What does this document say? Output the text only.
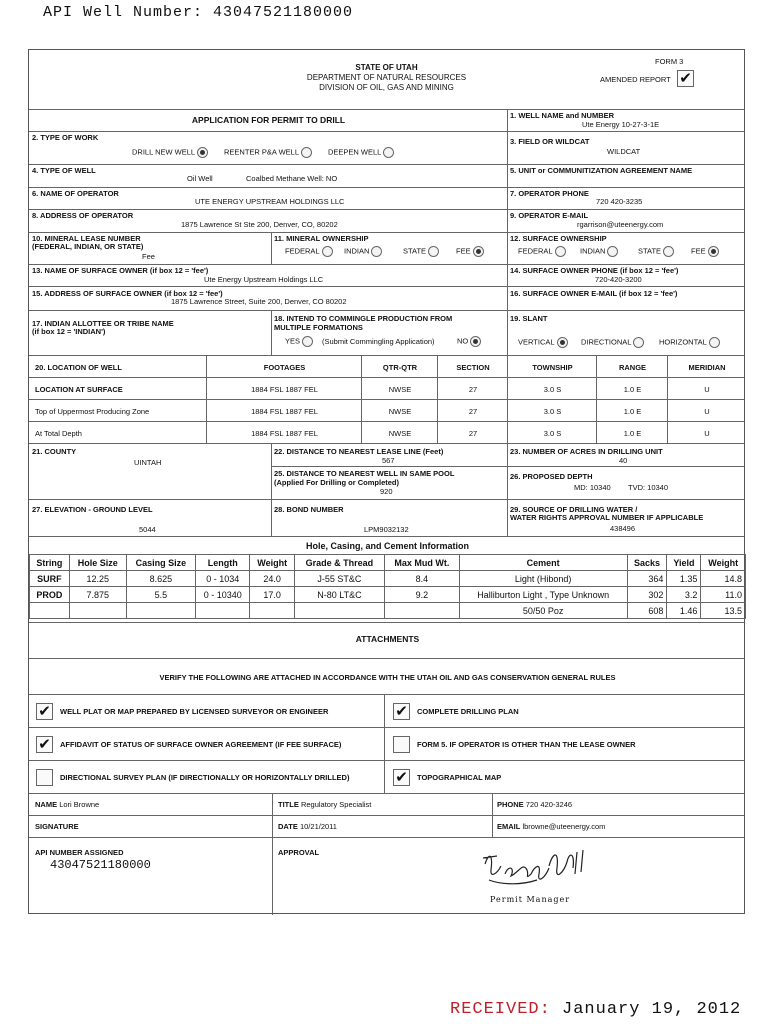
API Well Number: 43047521180000
STATE OF UTAH
DEPARTMENT OF NATURAL RESOURCES
DIVISION OF OIL, GAS AND MINING
FORM 3
AMENDED REPORT ✔
APPLICATION FOR PERMIT TO DRILL	1. WELL NAME and NUMBER
Ute Energy 10-27-3-1E
2. TYPE OF WORK
DRILL NEW WELL	REENTER P&A WELL	DEEPEN WELL
3. FIELD OR WILDCAT
WILDCAT
4. TYPE OF WELL
Oil Well	Coalbed Methane Well: NO
5. UNIT or COMMUNITIZATION AGREEMENT NAME
6. NAME OF OPERATOR
UTE ENERGY UPSTREAM HOLDINGS LLC
7. OPERATOR PHONE
720 420-3235
8. ADDRESS OF OPERATOR
1875 Lawrence St Ste 200, Denver, CO, 80202
9. OPERATOR E-MAIL
rgarrison@uteenergy.com
10. MINERAL LEASE NUMBER
(FEDERAL, INDIAN, OR STATE)
Fee
11. MINERAL OWNERSHIP
FEDERAL	INDIAN	STATE	FEE
12. SURFACE OWNERSHIP
FEDERAL	INDIAN	STATE	FEE
13. NAME OF SURFACE OWNER (if box 12 = 'fee')
Ute Energy Upstream Holdings LLC
14. SURFACE OWNER PHONE (if box 12 = 'fee')
720-420-3200
15. ADDRESS OF SURFACE OWNER (if box 12 = 'fee')
1875 Lawrence Street, Suite 200, Denver, CO 80202
16. SURFACE OWNER E-MAIL (if box 12 = 'fee')
17. INDIAN ALLOTTEE OR TRIBE NAME
(if box 12 = 'INDIAN')
18. INTEND TO COMMINGLE PRODUCTION FROM
MULTIPLE FORMATIONS
YES	(Submit Commingling Application)	NO
19. SLANT
VERTICAL	DIRECTIONAL	HORIZONTAL
20. LOCATION OF WELL	FOOTAGES	QTR-QTR	SECTION	TOWNSHIP	RANGE	MERIDIAN
LOCATION AT SURFACE	1884 FSL 1887 FEL	NWSE	27	3.0 S	1.0 E	U
Top of Uppermost Producing Zone	1884 FSL 1887 FEL	NWSE	27	3.0 S	1.0 E	U
At Total Depth	1884 FSL 1887 FEL	NWSE	27	3.0 S	1.0 E	U
21. COUNTY
UINTAH
22. DISTANCE TO NEAREST LEASE LINE (Feet)
567
25. DISTANCE TO NEAREST WELL IN SAME POOL
(Applied For Drilling or Completed)
920
23. NUMBER OF ACRES IN DRILLING UNIT
40
26. PROPOSED DEPTH
MD: 10340 TVD: 10340
27. ELEVATION - GROUND LEVEL
5044
28. BOND NUMBER
LPM9032132
29. SOURCE OF DRILLING WATER /
WATER RIGHTS APPROVAL NUMBER IF APPLICABLE
438496
Hole, Casing, and Cement Information
String	Hole Size	Casing Size	Length	Weight	Grade & Thread	Max Mud Wt.	Cement	Sacks	Yield	Weight
SURF	12.25	8.625	0 - 1034	24.0	J-55 ST&C	8.4	Light (Hibond)	364	1.35	14.8
PROD	7.875	5.5	0 - 10340	17.0	N-80 LT&C	9.2	Halliburton Light , Type Unknown	302	3.2	11.0
							50/50 Poz	608	1.46	13.5
ATTACHMENTS
VERIFY THE FOLLOWING ARE ATTACHED IN ACCORDANCE WITH THE UTAH OIL AND GAS CONSERVATION GENERAL RULES
✔ WELL PLAT OR MAP PREPARED BY LICENSED SURVEYOR OR ENGINEER	✔ COMPLETE DRILLING PLAN
✔ AFFIDAVIT OF STATUS OF SURFACE OWNER AGREEMENT (IF FEE SURFACE)	FORM 5. IF OPERATOR IS OTHER THAN THE LEASE OWNER
DIRECTIONAL SURVEY PLAN (IF DIRECTIONALLY OR HORIZONTALLY DRILLED)	✔ TOPOGRAPHICAL MAP
NAME Lori Browne	TITLE Regulatory Specialist	PHONE 720 420-3246
SIGNATURE	DATE 10/21/2011	EMAIL lbrowne@uteenergy.com
API NUMBER ASSIGNED
43047521180000
APPROVAL
Permit Manager
RECEIVED: January 19, 2012
